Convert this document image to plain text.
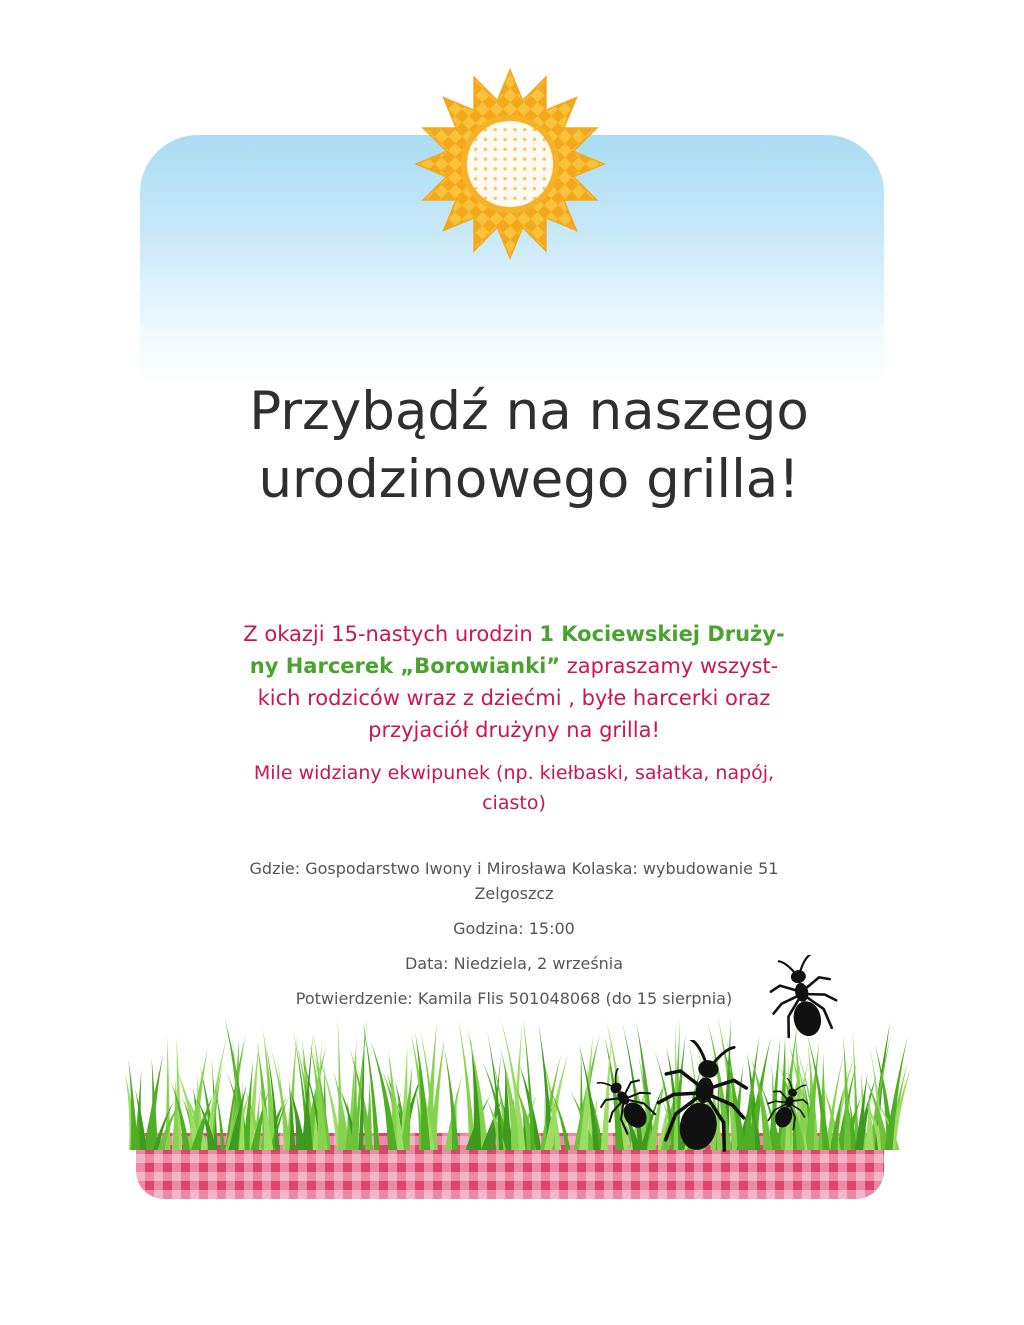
Przybądź na naszego
urodzinowego grilla!
Z okazji 15-nastych urodzin 1 Kociewskiej Druży-ny Harcerek „Borowianki” zapraszamy wszyst-kich rodziców wraz z dziećmi , byłe harcerki oraz przyjaciół drużyny na grilla!
Mile widziany ekwipunek (np. kiełbaski, sałatka, napój, ciasto)

Gdzie: Gospodarstwo Iwony i Mirosława Kolaska: wybudowanie 51 Zelgoszcz

Godzina: 15:00

Data: Niedziela, 2 września

Potwierdzenie: Kamila Flis 501048068 (do 15 sierpnia)
